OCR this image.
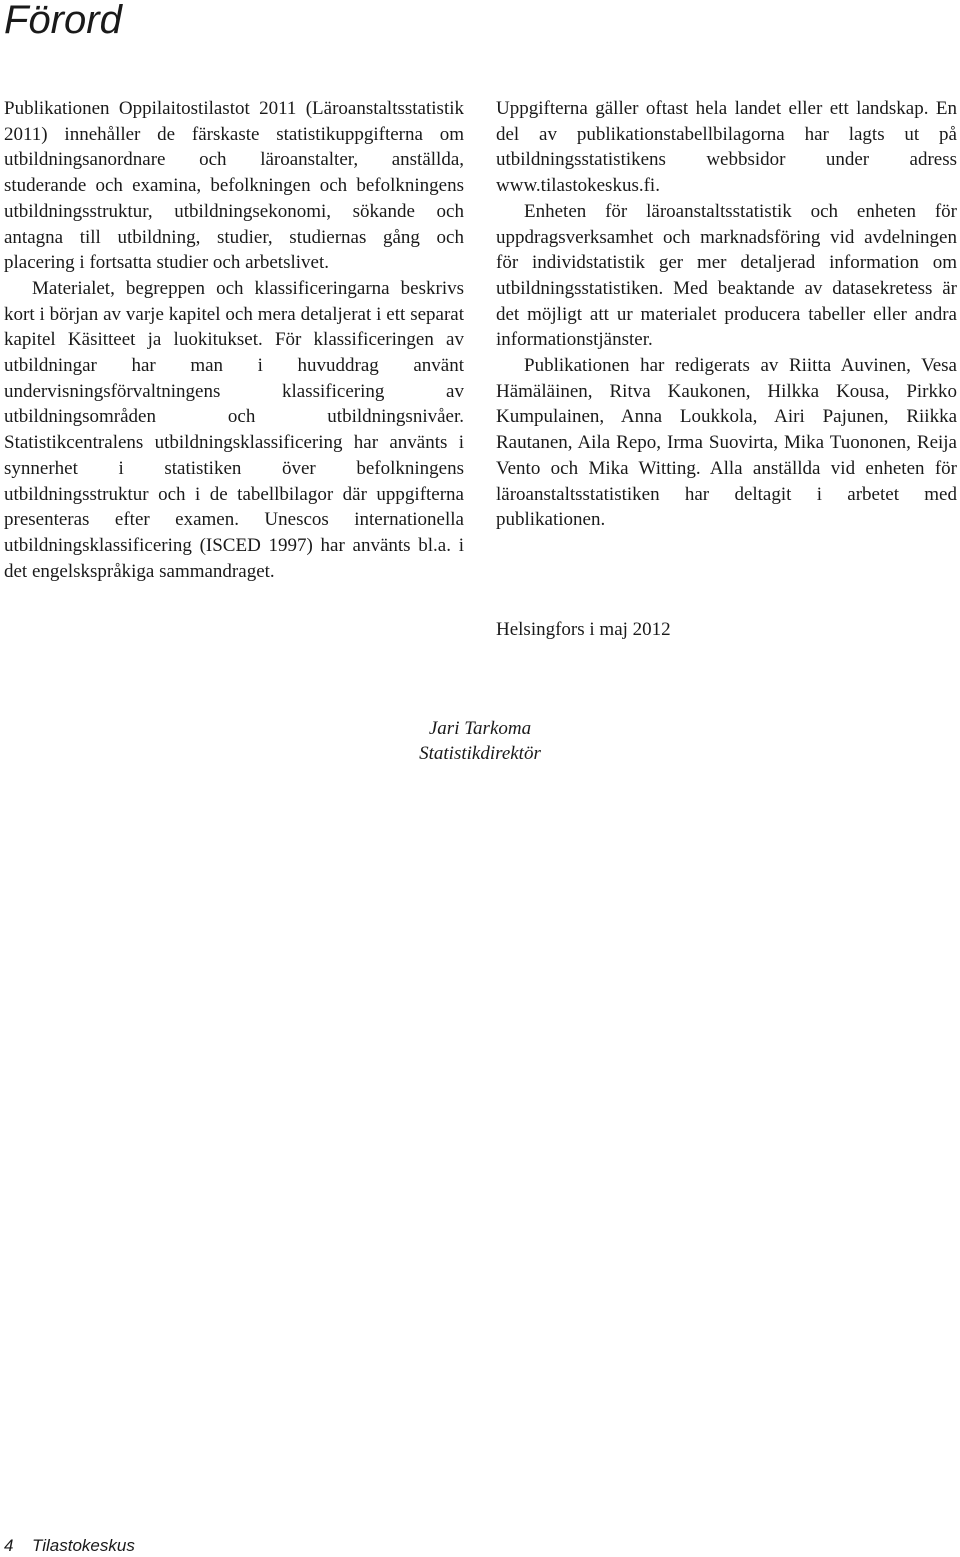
Förord

Publikationen Oppilaitostilastot 2011 (Läroanstaltsstatistik 2011) innehåller de färskaste statistikuppgifterna om utbildningsanordnare och läroanstalter, anställda, studerande och examina, befolkningen och befolkningens utbildningsstruktur, utbildningsekonomi, sökande och antagna till utbildning, studier, studiernas gång och placering i fortsatta studier och arbetslivet.

Materialet, begreppen och klassificeringarna beskrivs kort i början av varje kapitel och mera detaljerat i ett separat kapitel Käsitteet ja luokitukset. För klassificeringen av utbildningar har man i huvuddrag använt undervisningsförvaltningens klassificering av utbildningsområden och utbildningsnivåer. Statistikcentralens utbildningsklassificering har använts i synnerhet i statistiken över befolkningens utbildningsstruktur och i de tabellbilagor där uppgifterna presenteras efter examen. Unescos internationella utbildningsklassificering (ISCED 1997) har använts bl.a. i det engelskspråkiga sammandraget.

Uppgifterna gäller oftast hela landet eller ett landskap. En del av publikationstabellbilagorna har lagts ut på utbildningsstatistikens webbsidor under adress www.tilastokeskus.fi.

Enheten för läroanstaltsstatistik och enheten för uppdragsverksamhet och marknadsföring vid avdelningen för individstatistik ger mer detaljerad information om utbildningsstatistiken. Med beaktande av datasekretess är det möjligt att ur materialet producera tabeller eller andra informationstjänster.

Publikationen har redigerats av Riitta Auvinen, Vesa Hämäläinen, Ritva Kaukonen, Hilkka Kousa, Pirkko Kumpulainen, Anna Loukkola, Airi Pajunen, Riikka Rautanen, Aila Repo, Irma Suovirta, Mika Tuononen, Reija Vento och Mika Witting. Alla anställda vid enheten för läroanstaltsstatistiken har deltagit i arbetet med publikationen.

Helsingfors i maj 2012

Jari Tarkoma
Statistikdirektör
4 Tilastokeskus
